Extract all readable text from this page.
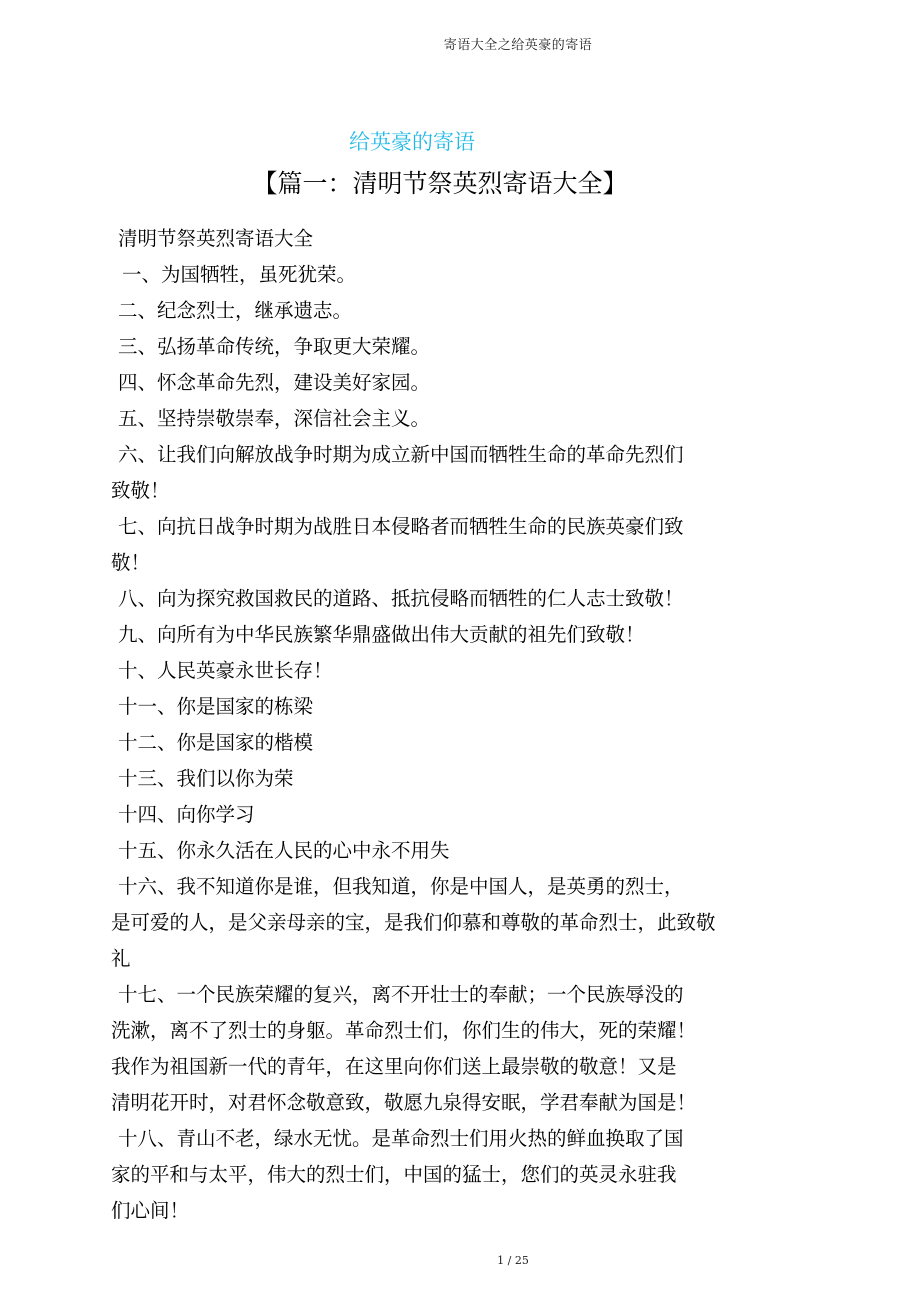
寄语大全之给英豪的寄语
给英豪的寄语
【篇一：清明节祭英烈寄语大全】
清明节祭英烈寄语大全
一、为国牺牲，虽死犹荣。
二、纪念烈士，继承遗志。
三、弘扬革命传统，争取更大荣耀。
四、怀念革命先烈，建设美好家园。
五、坚持崇敬崇奉，深信社会主义。
六、让我们向解放战争时期为成立新中国而牺牲生命的革命先烈们
致敬！
七、向抗日战争时期为战胜日本侵略者而牺牲生命的民族英豪们致
敬！
八、向为探究救国救民的道路、抵抗侵略而牺牲的仁人志士致敬！
九、向所有为中华民族繁华鼎盛做出伟大贡献的祖先们致敬！
十、人民英豪永世长存！
十一、你是国家的栋梁
十二、你是国家的楷模
十三、我们以你为荣
十四、向你学习
十五、你永久活在人民的心中永不用失
十六、我不知道你是谁，但我知道，你是中国人，是英勇的烈士，
是可爱的人，是父亲母亲的宝，是我们仰慕和尊敬的革命烈士，此致敬
礼
十七、一个民族荣耀的复兴，离不开壮士的奉献；一个民族辱没的
洗漱，离不了烈士的身躯。革命烈士们，你们生的伟大，死的荣耀！
我作为祖国新一代的青年，在这里向你们送上最崇敬的敬意！又是
清明花开时，对君怀念敬意致，敬愿九泉得安眠，学君奉献为国是！
十八、青山不老，绿水无忧。是革命烈士们用火热的鲜血换取了国
家的平和与太平，伟大的烈士们，中国的猛士，您们的英灵永驻我
们心间！
1 / 25
